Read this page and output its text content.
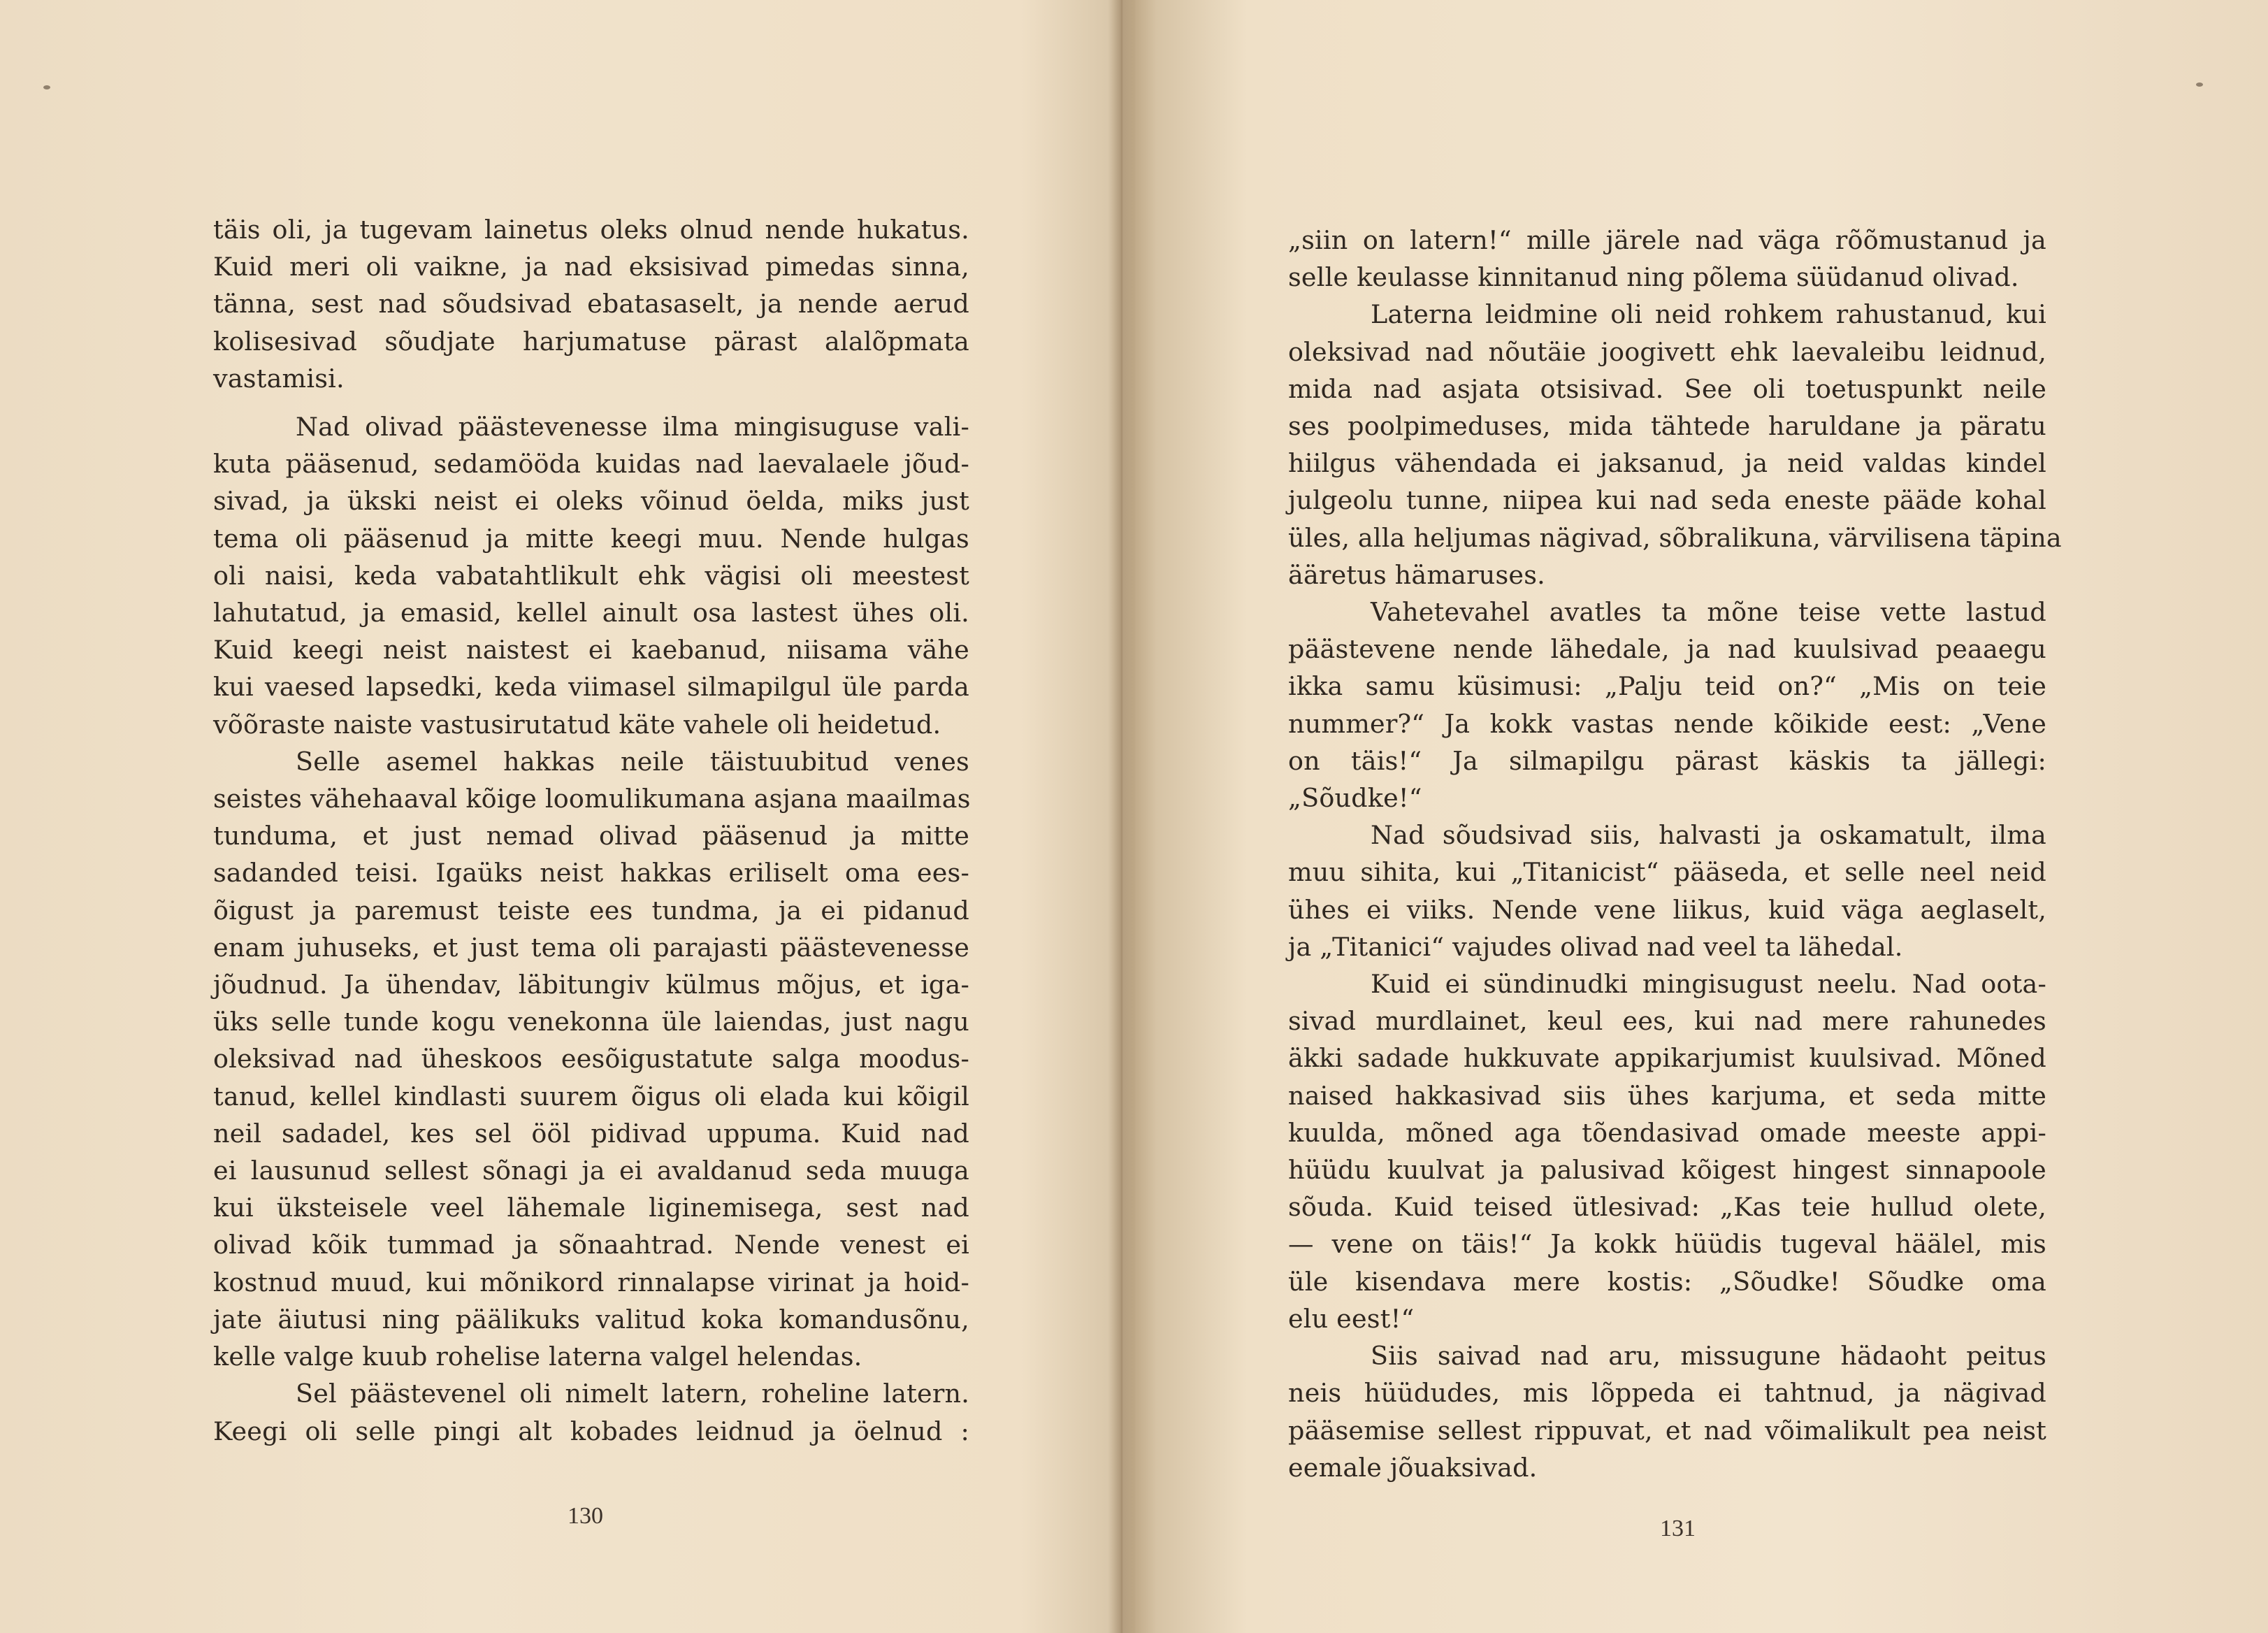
täis oli, ja tugevam lainetus oleks olnud nende hukatus.
Kuid meri oli vaikne, ja nad eksisivad pimedas sinna,
tänna, sest nad sõudsivad ebatasaselt, ja nende aerud
kolisesivad sõudjate harjumatuse pärast alalõpmata
vastamisi.
Nad olivad päästevenesse ilma mingisuguse vali-
kuta pääsenud, sedamööda kuidas nad laevalaele jõud-
sivad, ja ükski neist ei oleks võinud öelda, miks just
tema oli pääsenud ja mitte keegi muu. Nende hulgas
oli naisi, keda vabatahtlikult ehk vägisi oli meestest
lahutatud, ja emasid, kellel ainult osa lastest ühes oli.
Kuid keegi neist naistest ei kaebanud, niisama vähe
kui vaesed lapsedki, keda viimasel silmapilgul üle parda
võõraste naiste vastusirutatud käte vahele oli heidetud.
Selle asemel hakkas neile täistuubitud venes
seistes vähehaaval kõige loomulikumana asjana maailmas
tunduma, et just nemad olivad pääsenud ja mitte
sadanded teisi. Igaüks neist hakkas eriliselt oma ees-
õigust ja paremust teiste ees tundma, ja ei pidanud
enam juhuseks, et just tema oli parajasti päästevenesse
jõudnud. Ja ühendav, läbitungiv külmus mõjus, et iga-
üks selle tunde kogu venekonna üle laiendas, just nagu
oleksivad nad üheskoos eesõigustatute salga moodus-
tanud, kellel kindlasti suurem õigus oli elada kui kõigil
neil sadadel, kes sel ööl pidivad uppuma. Kuid nad
ei lausunud sellest sõnagi ja ei avaldanud seda muuga
kui üksteisele veel lähemale liginemisega, sest nad
olivad kõik tummad ja sõnaahtrad. Nende venest ei
kostnud muud, kui mõnikord rinnalapse virinat ja hoid-
jate äiutusi ning päälikuks valitud koka komandusõnu,
kelle valge kuub rohelise laterna valgel helendas.
Sel päästevenel oli nimelt latern, roheline latern.
Keegi oli selle pingi alt kobades leidnud ja öelnud :
130
„siin on latern!“ mille järele nad väga rõõmustanud ja
selle keulasse kinnitanud ning põlema süüdanud olivad.
Laterna leidmine oli neid rohkem rahustanud, kui
oleksivad nad nõutäie joogivett ehk laevaleibu leidnud,
mida nad asjata otsisivad. See oli toetuspunkt neile
ses poolpimeduses, mida tähtede haruldane ja päratu
hiilgus vähendada ei jaksanud, ja neid valdas kindel
julgeolu tunne, niipea kui nad seda eneste pääde kohal
üles, alla heljumas nägivad, sõbralikuna, värvilisena täpina
ääretus hämaruses.
Vahetevahel avatles ta mõne teise vette lastud
päästevene nende lähedale, ja nad kuulsivad peaaegu
ikka samu küsimusi: „Palju teid on?“ „Mis on teie
nummer?“ Ja kokk vastas nende kõikide eest: „Vene
on täis!“ Ja silmapilgu pärast käskis ta jällegi:
„Sõudke!“
Nad sõudsivad siis, halvasti ja oskamatult, ilma
muu sihita, kui „Titanicist“ pääseda, et selle neel neid
ühes ei viiks. Nende vene liikus, kuid väga aeglaselt,
ja „Titanici“ vajudes olivad nad veel ta lähedal.
Kuid ei sündinudki mingisugust neelu. Nad oota-
sivad murdlainet, keul ees, kui nad mere rahunedes
äkki sadade hukkuvate appikarjumist kuulsivad. Mõned
naised hakkasivad siis ühes karjuma, et seda mitte
kuulda, mõned aga tõendasivad omade meeste appi-
hüüdu kuulvat ja palusivad kõigest hingest sinnapoole
sõuda. Kuid teised ütlesivad: „Kas teie hullud olete,
— vene on täis!“ Ja kokk hüüdis tugeval häälel, mis
üle kisendava mere kostis: „Sõudke! Sõudke oma
elu eest!“
Siis saivad nad aru, missugune hädaoht peitus
neis hüüdudes, mis lõppeda ei tahtnud, ja nägivad
pääsemise sellest rippuvat, et nad võimalikult pea neist
eemale jõuaksivad.
131
